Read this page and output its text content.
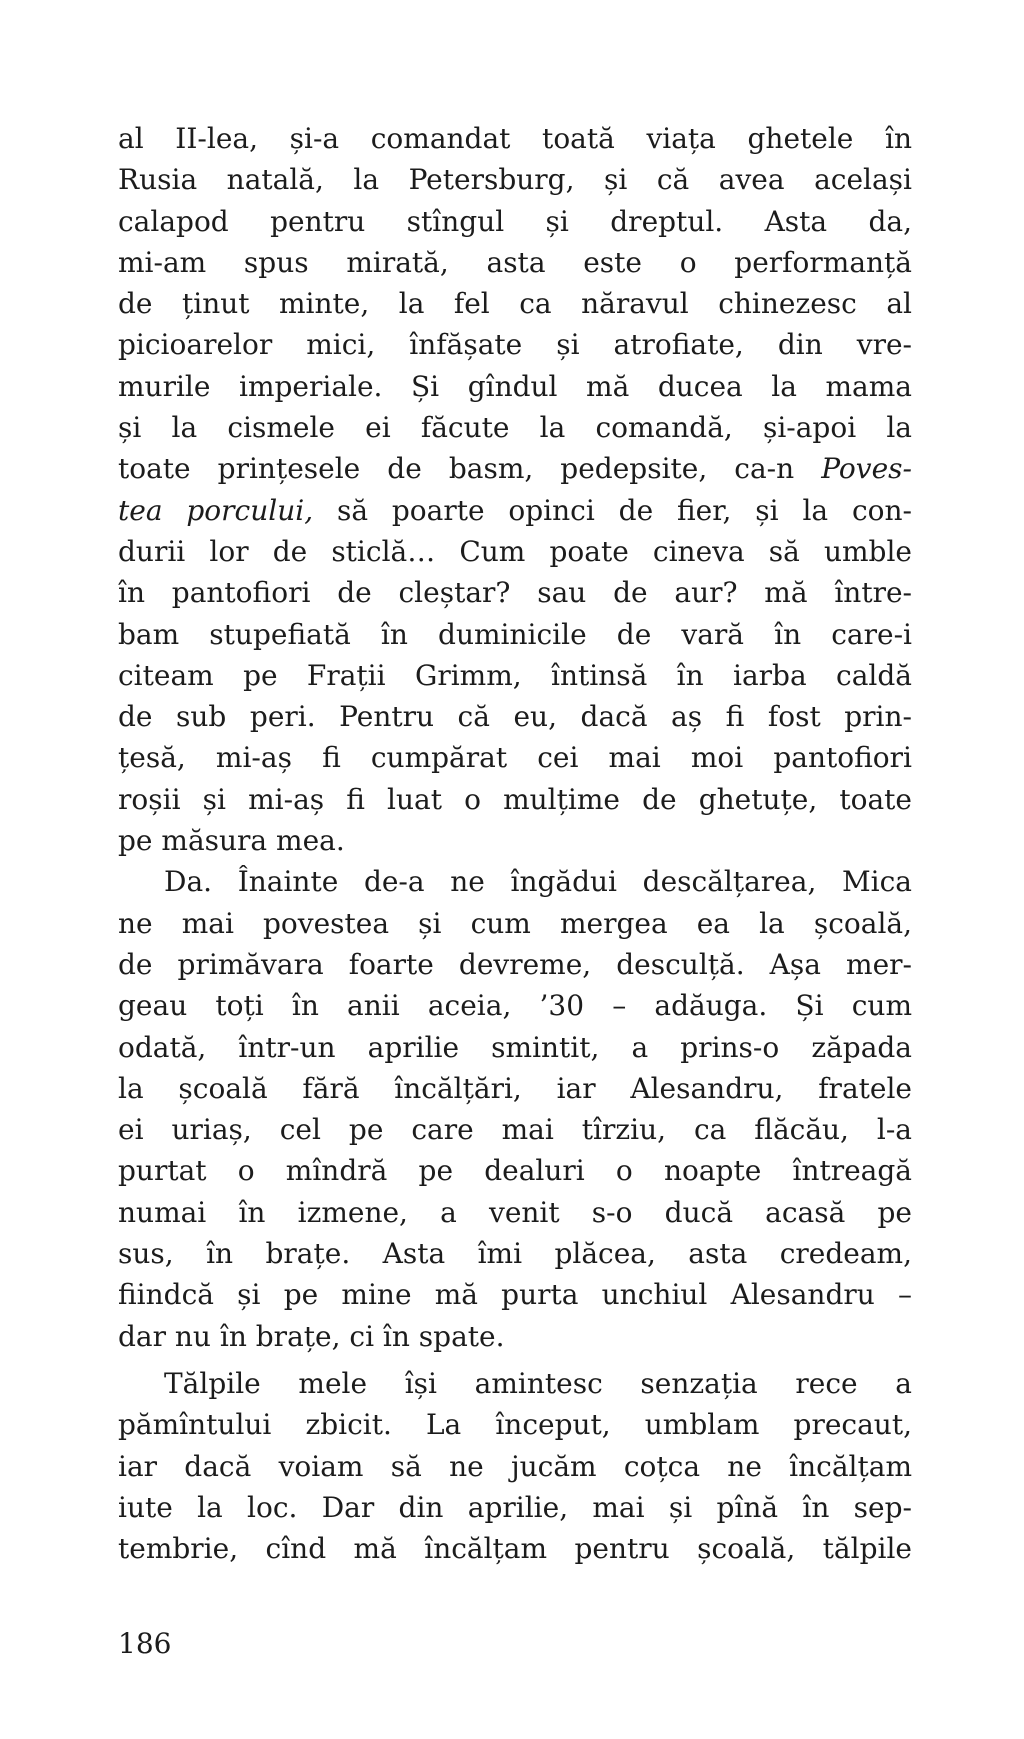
al II-lea, și-a comandat toată viața ghetele în
Rusia natală, la Petersburg, și că avea același
calapod pentru stîngul și dreptul. Asta da,
mi-am spus mirată, asta este o performanță
de ținut minte, la fel ca năravul chinezesc al
picioarelor mici, înfășate și atrofiate, din vre-
murile imperiale. Și gîndul mă ducea la mama
și la cismele ei făcute la comandă, și-apoi la
toate prințesele de basm, pedepsite, ca-n Poves-
tea porcului, să poarte opinci de fier, și la con-
durii lor de sticlă… Cum poate cineva să umble
în pantofiori de cleștar? sau de aur? mă între-
bam stupefiată în duminicile de vară în care-i
citeam pe Frații Grimm, întinsă în iarba caldă
de sub peri. Pentru că eu, dacă aș fi fost prin-
țesă, mi-aș fi cumpărat cei mai moi pantofiori
roșii și mi-aș fi luat o mulțime de ghetuțe, toate
pe măsura mea.
Da. Înainte de-a ne îngădui descălțarea, Mica
ne mai povestea și cum mergea ea la școală,
de primăvara foarte devreme, desculță. Așa mer-
geau toți în anii aceia, ’30 – adăuga. Și cum
odată, într-un aprilie smintit, a prins-o zăpada
la școală fără încălțări, iar Alesandru, fratele
ei uriaș, cel pe care mai tîrziu, ca flăcău, l-a
purtat o mîndră pe dealuri o noapte întreagă
numai în izmene, a venit s-o ducă acasă pe
sus, în brațe. Asta îmi plăcea, asta credeam,
fiindcă și pe mine mă purta unchiul Alesandru –
dar nu în brațe, ci în spate.
Tălpile mele își amintesc senzația rece a
pămîntului zbicit. La început, umblam precaut,
iar dacă voiam să ne jucăm coțca ne încălțam
iute la loc. Dar din aprilie, mai și pînă în sep-
tembrie, cînd mă încălțam pentru școală, tălpile
186
